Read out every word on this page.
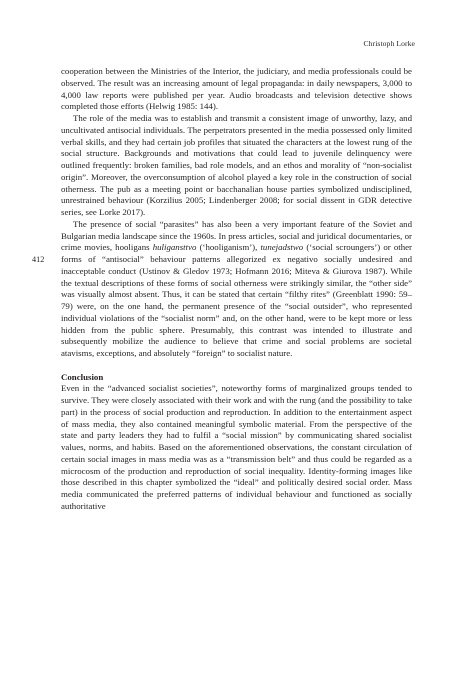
Christoph Lorke
412

cooperation between the Ministries of the Interior, the judiciary, and media professionals could be observed. The result was an increasing amount of legal propaganda: in daily newspapers, 3,000 to 4,000 law reports were published per year. Audio broadcasts and television detective shows completed those efforts (Helwig 1985: 144).

The role of the media was to establish and transmit a consistent image of unworthy, lazy, and uncultivated antisocial individuals. The perpetrators presented in the media possessed only limited verbal skills, and they had certain job profiles that situated the characters at the lowest rung of the social structure. Backgrounds and motivations that could lead to juvenile delinquency were outlined frequently: broken families, bad role models, and an ethos and morality of “non-socialist origin”. Moreover, the overconsumption of alcohol played a key role in the construction of social otherness. The pub as a meeting point or bacchanalian house parties symbolized undisciplined, unrestrained behaviour (Korzilius 2005; Lindenberger 2008; for social dissent in GDR detective series, see Lorke 2017).

The presence of social “parasites” has also been a very important feature of the Soviet and Bulgarian media landscape since the 1960s. In press articles, social and juridical documentaries, or crime movies, hooligans huligansttvo (‘hooliganism’), tunejadstwo (‘social scroungers’) or other forms of “antisocial” behaviour patterns allegorized ex negativo socially undesired and inacceptable conduct (Ustinov & Gledov 1973; Hofmann 2016; Miteva & Giurova 1987). While the textual descriptions of these forms of social otherness were strikingly similar, the “other side” was visually almost absent. Thus, it can be stated that certain “filthy rites” (Greenblatt 1990: 59–79) were, on the one hand, the permanent presence of the “social outsider”, who represented individual violations of the “socialist norm” and, on the other hand, were to be kept more or less hidden from the public sphere. Presumably, this contrast was intended to illustrate and subsequently mobilize the audience to believe that crime and social problems are societal atavisms, exceptions, and absolutely “foreign” to socialist nature.

Conclusion

Even in the “advanced socialist societies”, noteworthy forms of marginalized groups tended to survive. They were closely associated with their work and with the rung (and the possibility to take part) in the process of social production and reproduction. In addition to the entertainment aspect of mass media, they also contained meaningful symbolic material. From the perspective of the state and party leaders they had to fulfil a “social mission” by communicating shared socialist values, norms, and habits. Based on the aforementioned observations, the constant circulation of certain social images in mass media was as a “transmission belt” and thus could be regarded as a microcosm of the production and reproduction of social inequality. Identity-forming images like those described in this chapter symbolized the “ideal” and politically desired social order. Mass media communicated the preferred patterns of individual behaviour and functioned as socially authoritative
